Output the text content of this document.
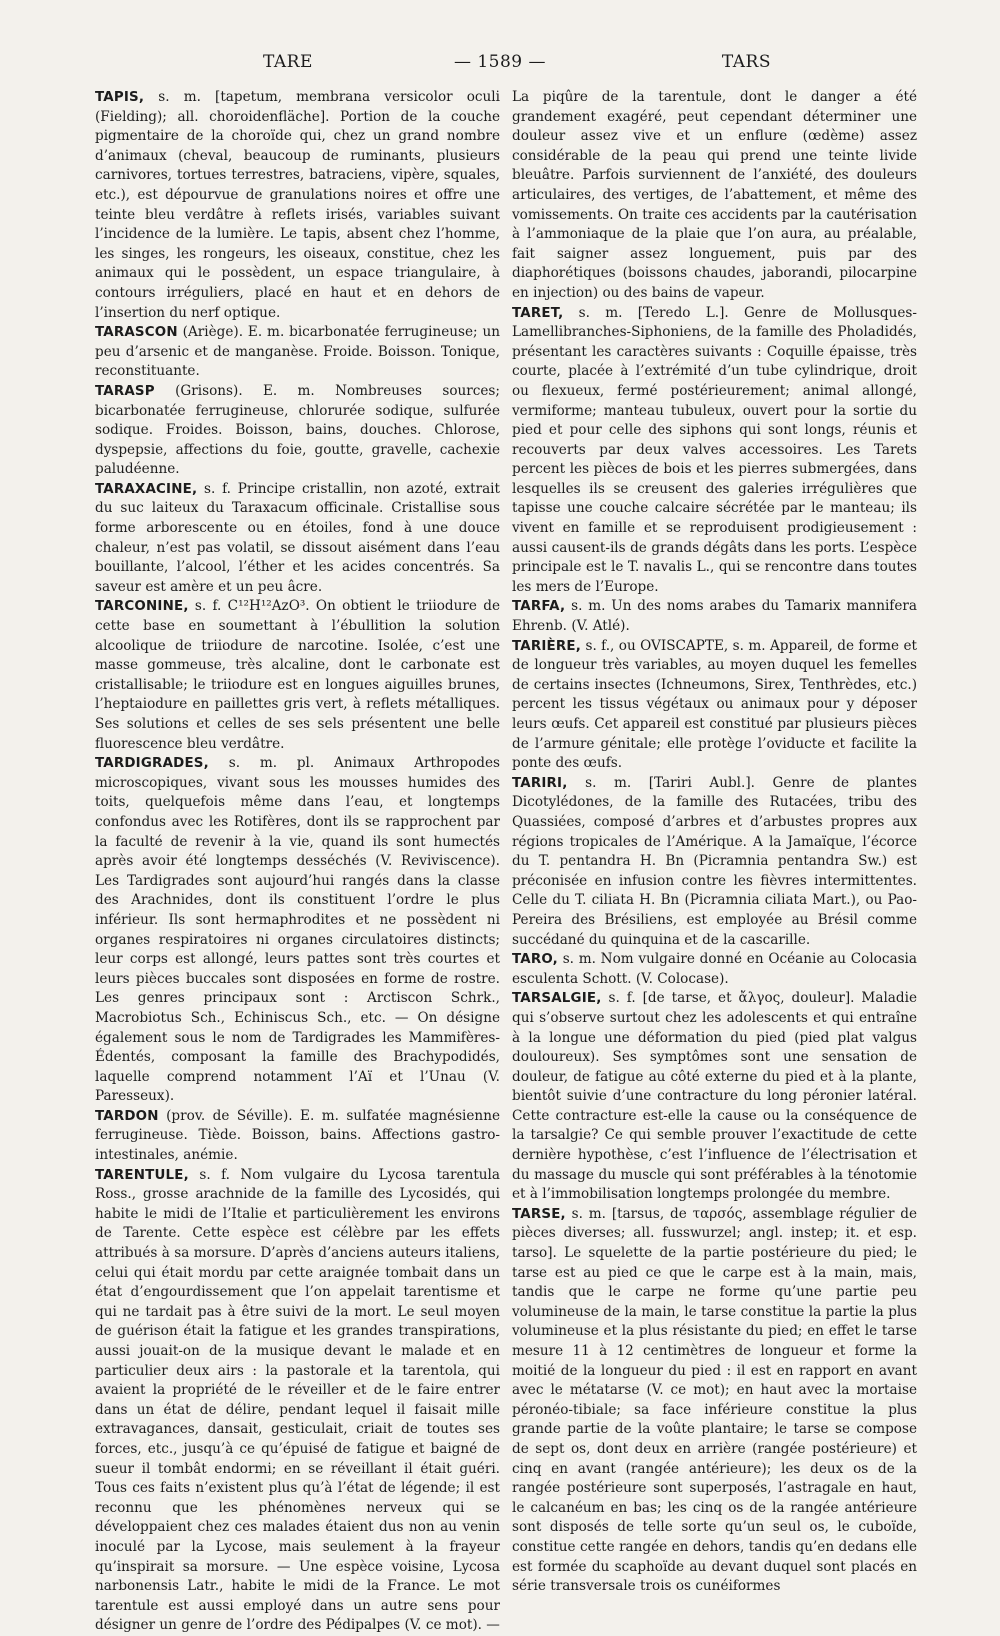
TARE	— 1589 —	TARS

TAPIS, s. m. [tapetum, membrana versicolor oculi (Fielding); all. choroidenfläche]. Portion de la couche pigmentaire de la choroïde qui, chez un grand nombre d’animaux (cheval, beaucoup de ruminants, plusieurs carnivores, tortues terrestres, batraciens, vipère, squales, etc.), est dépourvue de granulations noires et offre une teinte bleu verdâtre à reflets irisés, variables suivant l’incidence de la lumière. Le tapis, absent chez l’homme, les singes, les rongeurs, les oiseaux, constitue, chez les animaux qui le possèdent, un espace triangulaire, à contours irréguliers, placé en haut et en dehors de l’insertion du nerf optique.

TARASCON (Ariège). E. m. bicarbonatée ferrugineuse; un peu d’arsenic et de manganèse. Froide. Boisson. Tonique, reconstituante.

TARASP (Grisons). E. m. Nombreuses sources; bicarbonatée ferrugineuse, chlorurée sodique, sulfurée sodique. Froides. Boisson, bains, douches. Chlorose, dyspepsie, affections du foie, goutte, gravelle, cachexie paludéenne.

TARAXACINE, s. f. Principe cristallin, non azoté, extrait du suc laiteux du Taraxacum officinale. Cristallise sous forme arborescente ou en étoiles, fond à une douce chaleur, n’est pas volatil, se dissout aisément dans l’eau bouillante, l’alcool, l’éther et les acides concentrés. Sa saveur est amère et un peu âcre.

TARCONINE, s. f. C¹²H¹²AzO³. On obtient le triiodure de cette base en soumettant à l’ébullition la solution alcoolique de triiodure de narcotine. Isolée, c’est une masse gommeuse, très alcaline, dont le carbonate est cristallisable; le triiodure est en longues aiguilles brunes, l’heptaiodure en paillettes gris vert, à reflets métalliques. Ses solutions et celles de ses sels présentent une belle fluorescence bleu verdâtre.

TARDIGRADES, s. m. pl. Animaux Arthropodes microscopiques, vivant sous les mousses humides des toits, quelquefois même dans l’eau, et longtemps confondus avec les Rotifères, dont ils se rapprochent par la faculté de revenir à la vie, quand ils sont humectés après avoir été longtemps desséchés (V. Reviviscence). Les Tardigrades sont aujourd’hui rangés dans la classe des Arachnides, dont ils constituent l’ordre le plus inférieur. Ils sont hermaphrodites et ne possèdent ni organes respiratoires ni organes circulatoires distincts; leur corps est allongé, leurs pattes sont très courtes et leurs pièces buccales sont disposées en forme de rostre. Les genres principaux sont : Arctiscon Schrk., Macrobiotus Sch., Echiniscus Sch., etc. — On désigne également sous le nom de Tardigrades les Mammifères-Édentés, composant la famille des Brachypodidés, laquelle comprend notamment l’Aï et l’Unau (V. Paresseux).

TARDON (prov. de Séville). E. m. sulfatée magnésienne ferrugineuse. Tiède. Boisson, bains. Affections gastro-intestinales, anémie.

TARENTULE, s. f. Nom vulgaire du Lycosa tarentula Ross., grosse arachnide de la famille des Lycosidés, qui habite le midi de l’Italie et particulièrement les environs de Tarente. Cette espèce est célèbre par les effets attribués à sa morsure. D’après d’anciens auteurs italiens, celui qui était mordu par cette araignée tombait dans un état d’engourdissement que l’on appelait tarentisme et qui ne tardait pas à être suivi de la mort. Le seul moyen de guérison était la fatigue et les grandes transpirations, aussi jouait-on de la musique devant le malade et en particulier deux airs : la pastorale et la tarentola, qui avaient la propriété de le réveiller et de le faire entrer dans un état de délire, pendant lequel il faisait mille extravagances, dansait, gesticulait, criait de toutes ses forces, etc., jusqu’à ce qu’épuisé de fatigue et baigné de sueur il tombât endormi; en se réveillant il était guéri. Tous ces faits n’existent plus qu’à l’état de légende; il est reconnu que les phénomènes nerveux qui se développaient chez ces malades étaient dus non au venin inoculé par la Lycose, mais seulement à la frayeur qu’inspirait sa morsure. — Une espèce voisine, Lycosa narbonensis Latr., habite le midi de la France. Le mot tarentule est aussi employé dans un autre sens pour désigner un genre de l’ordre des Pédipalpes (V. ce mot). —

La piqûre de la tarentule, dont le danger a été grandement exagéré, peut cependant déterminer une douleur assez vive et un enflure (œdème) assez considérable de la peau qui prend une teinte livide bleuâtre. Parfois surviennent de l’anxiété, des douleurs articulaires, des vertiges, de l’abattement, et même des vomissements. On traite ces accidents par la cautérisation à l’ammoniaque de la plaie que l’on aura, au préalable, fait saigner assez longuement, puis par des diaphorétiques (boissons chaudes, jaborandi, pilocarpine en injection) ou des bains de vapeur.

TARET, s. m. [Teredo L.]. Genre de Mollusques-Lamellibranches-Siphoniens, de la famille des Pholadidés, présentant les caractères suivants : Coquille épaisse, très courte, placée à l’extrémité d’un tube cylindrique, droit ou flexueux, fermé postérieurement; animal allongé, vermiforme; manteau tubuleux, ouvert pour la sortie du pied et pour celle des siphons qui sont longs, réunis et recouverts par deux valves accessoires. Les Tarets percent les pièces de bois et les pierres submergées, dans lesquelles ils se creusent des galeries irrégulières que tapisse une couche calcaire sécrétée par le manteau; ils vivent en famille et se reproduisent prodigieusement : aussi causent-ils de grands dégâts dans les ports. L’espèce principale est le T. navalis L., qui se rencontre dans toutes les mers de l’Europe.

TARFA, s. m. Un des noms arabes du Tamarix mannifera Ehrenb. (V. Atlé).

TARIÈRE, s. f., ou OVISCAPTE, s. m. Appareil, de forme et de longueur très variables, au moyen duquel les femelles de certains insectes (Ichneumons, Sirex, Tenthrèdes, etc.) percent les tissus végétaux ou animaux pour y déposer leurs œufs. Cet appareil est constitué par plusieurs pièces de l’armure génitale; elle protège l’oviducte et facilite la ponte des œufs.

TARIRI, s. m. [Tariri Aubl.]. Genre de plantes Dicotylédones, de la famille des Rutacées, tribu des Quassiées, composé d’arbres et d’arbustes propres aux régions tropicales de l’Amérique. A la Jamaïque, l’écorce du T. pentandra H. Bn (Picramnia pentandra Sw.) est préconisée en infusion contre les fièvres intermittentes. Celle du T. ciliata H. Bn (Picramnia ciliata Mart.), ou Pao-Pereira des Brésiliens, est employée au Brésil comme succédané du quinquina et de la cascarille.

TARO, s. m. Nom vulgaire donné en Océanie au Colocasia esculenta Schott. (V. Colocase).

TARSALGIE, s. f. [de tarse, et ἄλγος, douleur]. Maladie qui s’observe surtout chez les adolescents et qui entraîne à la longue une déformation du pied (pied plat valgus douloureux). Ses symptômes sont une sensation de douleur, de fatigue au côté externe du pied et à la plante, bientôt suivie d’une contracture du long péronier latéral. Cette contracture est-elle la cause ou la conséquence de la tarsalgie? Ce qui semble prouver l’exactitude de cette dernière hypothèse, c’est l’influence de l’électrisation et du massage du muscle qui sont préférables à la ténotomie et à l’immobilisation longtemps prolongée du membre.

TARSE, s. m. [tarsus, de ταρσός, assemblage régulier de pièces diverses; all. fusswurzel; angl. instep; it. et esp. tarso]. Le squelette de la partie postérieure du pied; le tarse est au pied ce que le carpe est à la main, mais, tandis que le carpe ne forme qu’une partie peu volumineuse de la main, le tarse constitue la partie la plus volumineuse et la plus résistante du pied; en effet le tarse mesure 11 à 12 centimètres de longueur et forme la moitié de la longueur du pied : il est en rapport en avant avec le métatarse (V. ce mot); en haut avec la mortaise péronéo-tibiale; sa face inférieure constitue la plus grande partie de la voûte plantaire; le tarse se compose de sept os, dont deux en arrière (rangée postérieure) et cinq en avant (rangée antérieure); les deux os de la rangée postérieure sont superposés, l’astragale en haut, le calcanéum en bas; les cinq os de la rangée antérieure sont disposés de telle sorte qu’un seul os, le cuboïde, constitue cette rangée en dehors, tandis qu’en dedans elle est formée du scaphoïde au devant duquel sont placés en série transversale trois os cunéiformes
